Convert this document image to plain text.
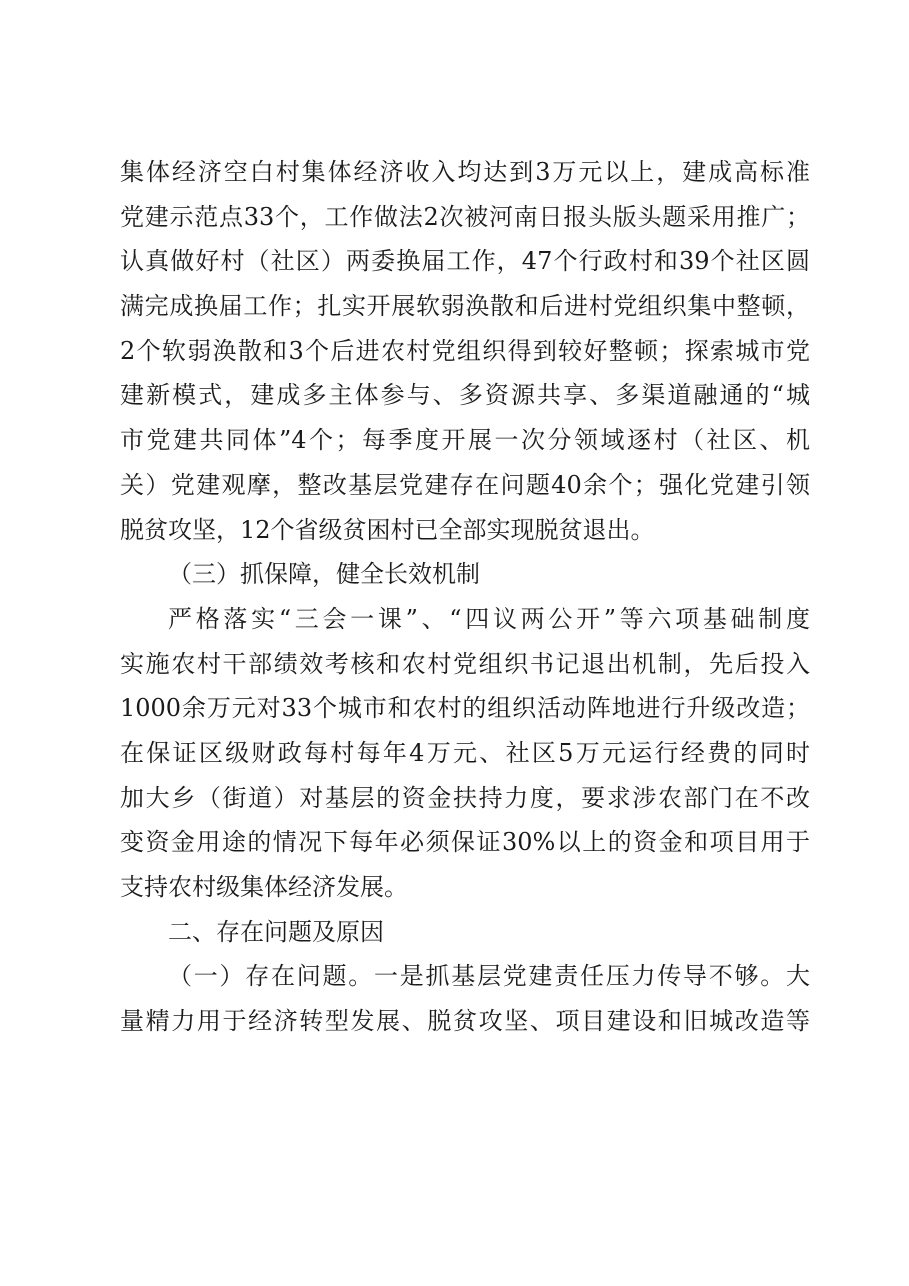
集体经济空白村集体经济收入均达到3万元以上，建成高标准
党建示范点33个，工作做法2次被河南日报头版头题采用推广；
认真做好村（社区）两委换届工作，47个行政村和39个社区圆
满完成换届工作；扎实开展软弱涣散和后进村党组织集中整顿，
2个软弱涣散和3个后进农村党组织得到较好整顿；探索城市党
建新模式，建成多主体参与、多资源共享、多渠道融通的“城
市党建共同体”4个；每季度开展一次分领域逐村（社区、机
关）党建观摩，整改基层党建存在问题40余个；强化党建引领
脱贫攻坚，12个省级贫困村已全部实现脱贫退出。
（三）抓保障，健全长效机制
严格落实“三会一课”、“四议两公开”等六项基础制度
实施农村干部绩效考核和农村党组织书记退出机制，先后投入
1000余万元对33个城市和农村的组织活动阵地进行升级改造；
在保证区级财政每村每年4万元、社区5万元运行经费的同时
加大乡（街道）对基层的资金扶持力度，要求涉农部门在不改
变资金用途的情况下每年必须保证30%以上的资金和项目用于
支持农村级集体经济发展。
二、存在问题及原因
（一）存在问题。一是抓基层党建责任压力传导不够。大
量精力用于经济转型发展、脱贫攻坚、项目建设和旧城改造等
